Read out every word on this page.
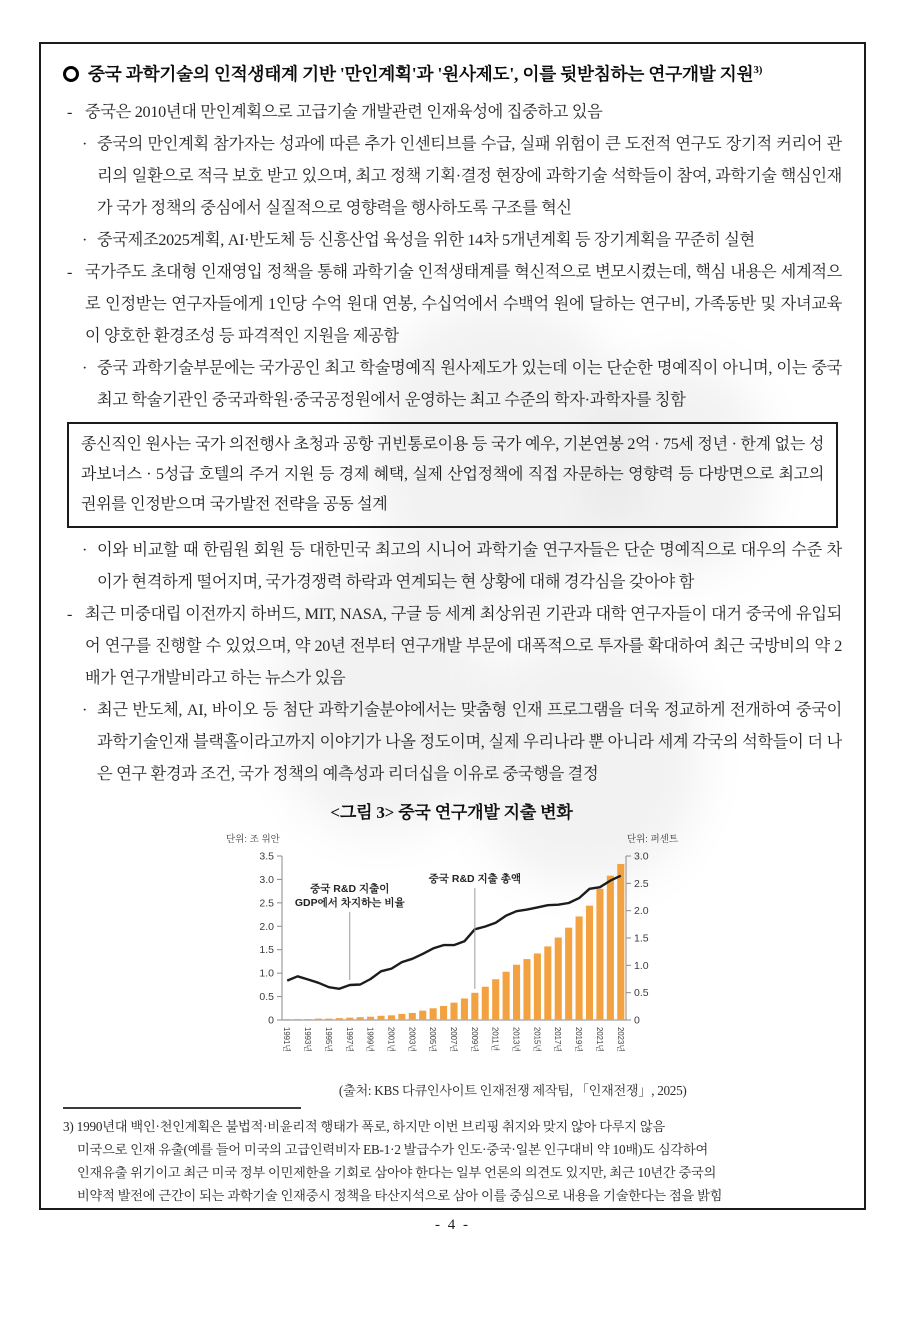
중국 과학기술의 인적생태계 기반 '만인계획'과 '원사제도', 이를 뒷받침하는 연구개발 지원$^{3)}$
- 중국은 2010년대 만인계획으로 고급기술 개발관련 인재육성에 집중하고 있음
· 중국의 만인계획 참가자는 성과에 따른 추가 인센티브를 수급, 실패 위험이 큰 도전적 연구도 장기적 커리어 관리의 일환으로 적극 보호 받고 있으며, 최고 정책 기획·결정 현장에 과학기술 석학들이 참여, 과학기술 핵심인재가 국가 정책의 중심에서 실질적으로 영향력을 행사하도록 구조를 혁신
· 중국제조2025계획, AI·반도체 등 신흥산업 육성을 위한 14차 5개년계획 등 장기계획을 꾸준히 실현
- 국가주도 초대형 인재영입 정책을 통해 과학기술 인적생태계를 혁신적으로 변모시켰는데, 핵심 내용은 세계적으로 인정받는 연구자들에게 1인당 수억 원대 연봉, 수십억에서 수백억 원에 달하는 연구비, 가족동반 및 자녀교육이 양호한 환경조성 등 파격적인 지원을 제공함
· 중국 과학기술부문에는 국가공인 최고 학술명예직 원사제도가 있는데 이는 단순한 명예직이 아니며, 이는 중국 최고 학술기관인 중국과학원·중국공정원에서 운영하는 최고 수준의 학자·과학자를 칭함
종신직인 원사는 국가 의전행사 초청과 공항 귀빈통로이용 등 국가 예우, 기본연봉 2억 · 75세 정년 · 한계 없는 성과보너스 · 5성급 호텔의 주거 지원 등 경제 혜택, 실제 산업정책에 직접 자문하는 영향력 등 다방면으로 최고의 권위를 인정받으며 국가발전 전략을 공동 설계
· 이와 비교할 때 한림원 회원 등 대한민국 최고의 시니어 과학기술 연구자들은 단순 명예직으로 대우의 수준 차이가 현격하게 떨어지며, 국가경쟁력 하락과 연계되는 현 상황에 대해 경각심을 갖아야 함
- 최근 미중대립 이전까지 하버드, MIT, NASA, 구글 등 세계 최상위권 기관과 대학 연구자들이 대거 중국에 유입되어 연구를 진행할 수 있었으며, 약 20년 전부터 연구개발 부문에 대폭적으로 투자를 확대하여 최근 국방비의 약 2배가 연구개발비라고 하는 뉴스가 있음
· 최근 반도체, AI, 바이오 등 첨단 과학기술분야에서는 맞춤형 인재 프로그램을 더욱 정교하게 전개하여 중국이 과학기술인재 블랙홀이라고까지 이야기가 나올 정도이며, 실제 우리나라 뿐 아니라 세계 각국의 석학들이 더 나은 연구 환경과 조건, 국가 정책의 예측성과 리더십을 이유로 중국행을 결정
<그림 3> 중국 연구개발 지출 변화
단위: 조 위안	단위: 퍼센트
0
0.5
1.0
1.5
2.0
2.5
3.0
3.5
0
0.5
1.0
1.5
2.0
2.5
3.0
1991년 1993년 1995년 1997년 1999년 2001년 2003년 2005년 2007년 2009년 2011년 2013년 2015년 2017년 2019년 2021년 2023년
중국 R&D 지출이
GDP에서 차지하는 비율
중국 R&D 지출 총액
(출처: KBS 다큐인사이트 인재전쟁 제작팀, 「인재전쟁」, 2025)
3) 1990년대 백인·천인계획은 불법적·비윤리적 행태가 폭로, 하지만 이번 브리핑 취지와 맞지 않아 다루지 않음
미국으로 인재 유출(예를 들어 미국의 고급인력비자 EB-1·2 발급수가 인도·중국·일본 인구대비 약 10배)도 심각하여
인재유출 위기이고 최근 미국 정부 이민제한을 기회로 삼아야 한다는 일부 언론의 의견도 있지만, 최근 10년간 중국의
비약적 발전에 근간이 되는 과학기술 인재중시 정책을 타산지석으로 삼아 이를 중심으로 내용을 기술한다는 점을 밝힘
- 4 -
